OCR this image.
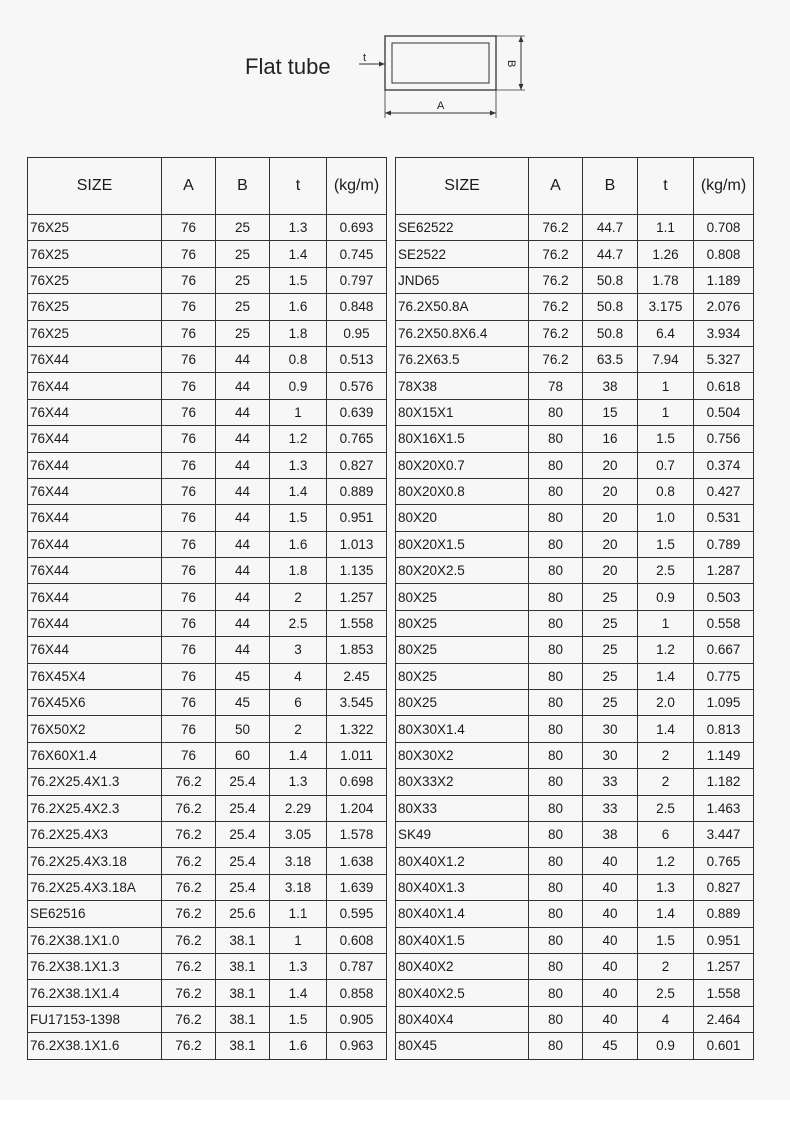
Flat tube	t	B
A
SIZE	A	B	t	(kg/m)
76X25	76	25	1.3	0.693
76X25	76	25	1.4	0.745
76X25	76	25	1.5	0.797
76X25	76	25	1.6	0.848
76X25	76	25	1.8	0.95
76X44	76	44	0.8	0.513
76X44	76	44	0.9	0.576
76X44	76	44	1	0.639
76X44	76	44	1.2	0.765
76X44	76	44	1.3	0.827
76X44	76	44	1.4	0.889
76X44	76	44	1.5	0.951
76X44	76	44	1.6	1.013
76X44	76	44	1.8	1.135
76X44	76	44	2	1.257
76X44	76	44	2.5	1.558
76X44	76	44	3	1.853
76X45X4	76	45	4	2.45
76X45X6	76	45	6	3.545
76X50X2	76	50	2	1.322
76X60X1.4	76	60	1.4	1.011
76.2X25.4X1.3	76.2	25.4	1.3	0.698
76.2X25.4X2.3	76.2	25.4	2.29	1.204
76.2X25.4X3	76.2	25.4	3.05	1.578
76.2X25.4X3.18	76.2	25.4	3.18	1.638
76.2X25.4X3.18A	76.2	25.4	3.18	1.639
SE62516	76.2	25.6	1.1	0.595
76.2X38.1X1.0	76.2	38.1	1	0.608
76.2X38.1X1.3	76.2	38.1	1.3	0.787
76.2X38.1X1.4	76.2	38.1	1.4	0.858
FU17153-1398	76.2	38.1	1.5	0.905
76.2X38.1X1.6	76.2	38.1	1.6	0.963
SIZE	A	B	t	(kg/m)
SE62522	76.2	44.7	1.1	0.708
SE2522	76.2	44.7	1.26	0.808
JND65	76.2	50.8	1.78	1.189
76.2X50.8A	76.2	50.8	3.175	2.076
76.2X50.8X6.4	76.2	50.8	6.4	3.934
76.2X63.5	76.2	63.5	7.94	5.327
78X38	78	38	1	0.618
80X15X1	80	15	1	0.504
80X16X1.5	80	16	1.5	0.756
80X20X0.7	80	20	0.7	0.374
80X20X0.8	80	20	0.8	0.427
80X20	80	20	1.0	0.531
80X20X1.5	80	20	1.5	0.789
80X20X2.5	80	20	2.5	1.287
80X25	80	25	0.9	0.503
80X25	80	25	1	0.558
80X25	80	25	1.2	0.667
80X25	80	25	1.4	0.775
80X25	80	25	2.0	1.095
80X30X1.4	80	30	1.4	0.813
80X30X2	80	30	2	1.149
80X33X2	80	33	2	1.182
80X33	80	33	2.5	1.463
SK49	80	38	6	3.447
80X40X1.2	80	40	1.2	0.765
80X40X1.3	80	40	1.3	0.827
80X40X1.4	80	40	1.4	0.889
80X40X1.5	80	40	1.5	0.951
80X40X2	80	40	2	1.257
80X40X2.5	80	40	2.5	1.558
80X40X4	80	40	4	2.464
80X45	80	45	0.9	0.601
